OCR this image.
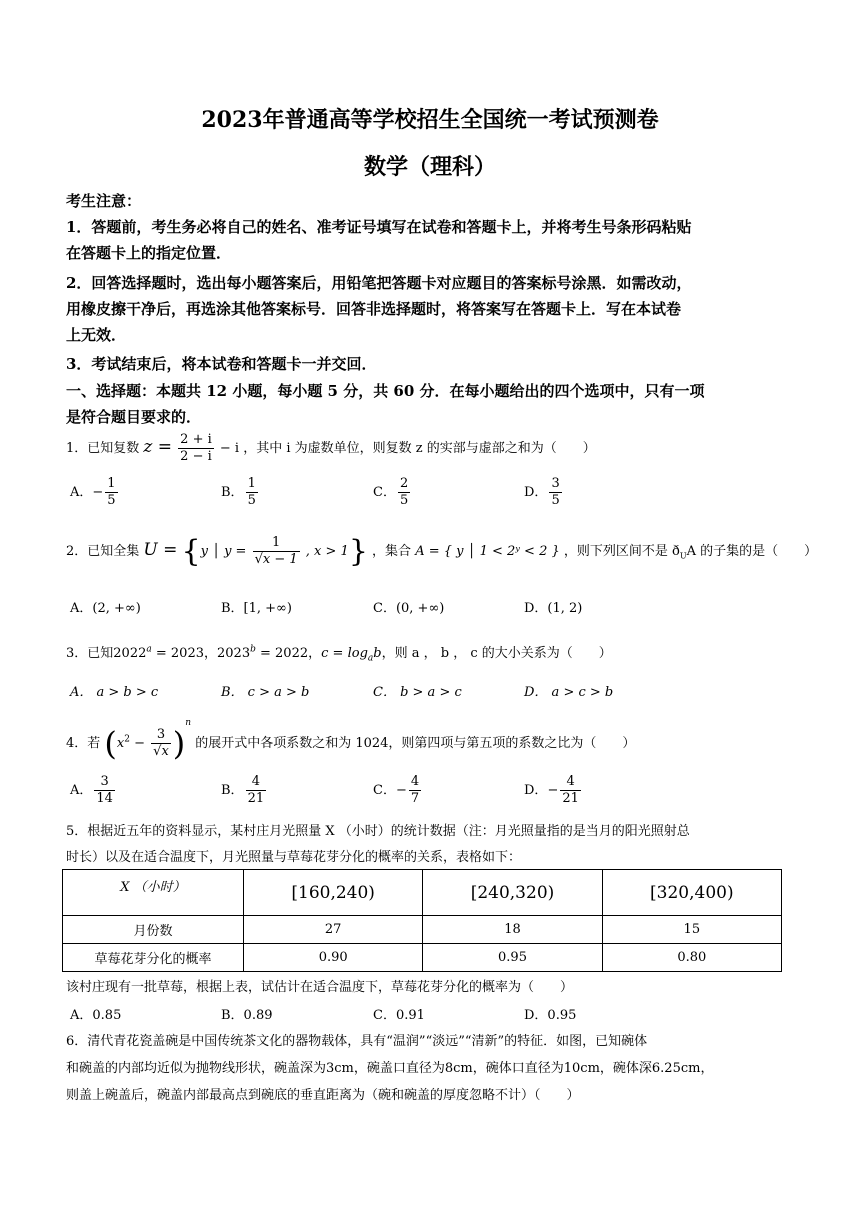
2023年普通高等学校招生全国统一考试预测卷
数学（理科）
考生注意：
1．答题前，考生务必将自己的姓名、准考证号填写在试卷和答题卡上，并将考生号条形码粘贴
在答题卡上的指定位置．
2．回答选择题时，选出每小题答案后，用铅笔把答题卡对应题目的答案标号涂黑．如需改动，
用橡皮擦干净后，再选涂其他答案标号．回答非选择题时，将答案写在答题卡上．写在本试卷
上无效．
3．考试结束后，将本试卷和答题卡一并交回．
一、选择题：本题共 12 小题，每小题 5 分，共 60 分．在每小题给出的四个选项中，只有一项
是符合题目要求的．
1．已知复数 $z = \frac{2 + i}{2 - i} - i$ ，其中 i 为虚数单位，则复数 z 的实部与虚部之和为（　　）
A．− $\frac{1}{5}$	B． $\frac{1}{5}$	C． $\frac{2}{5}$	D． $\frac{3}{5}$
2．已知全集 U = {y │ $y = \frac{1}{√x - 1}$ , x > 1} ，集合 A = { y │ 1 < 2ʸ < 2 } ，则下列区间不是 $ð_UA$ 的子集的是（　　）
A．(2, +∞)	B．[1, +∞)	C．(0, +∞)	D．(1, 2)
3．已知$2022^a = 2023$，$2023^b = 2022$，$c = \log_ab$，则 a ， b ， c 的大小关系为（　　）
A． a > b > c	B． c > a > b	C． b > a > c	D． a > c > b
4．若 $(x^2 - \frac{3}{√x} )^n$ 的展开式中各项系数之和为 1024，则第四项与第五项的系数之比为（　　）
A． $\frac{3}{14}$	B． $\frac{4}{21}$	C．− $\frac{4}{7}$	D．− $\frac{4}{21}$
5．根据近五年的资料显示，某村庄月光照量 X （小时）的统计数据（注：月光照量指的是当月的阳光照射总
时长）以及在适合温度下，月光照量与草莓花芽分化的概率的关系，表格如下：
X （小时）	[160,240)	[240,320)	[320,400)
月份数	27	18	15
草莓花芽分化的概率	0.90	0.95	0.80
该村庄现有一批草莓，根据上表，试估计在适合温度下，草莓花芽分化的概率为（　　）
A．0.85	B．0.89	C．0.91	D．0.95
6．清代青花瓷盖碗是中国传统茶文化的器物载体，具有“温润”“淡远”“清新”的特征．如图，已知碗体
和碗盖的内部均近似为抛物线形状，碗盖深为3cm，碗盖口直径为8cm，碗体口直径为10cm，碗体深6.25cm，
则盖上碗盖后，碗盖内部最高点到碗底的垂直距离为（碗和碗盖的厚度忽略不计）（　　）
